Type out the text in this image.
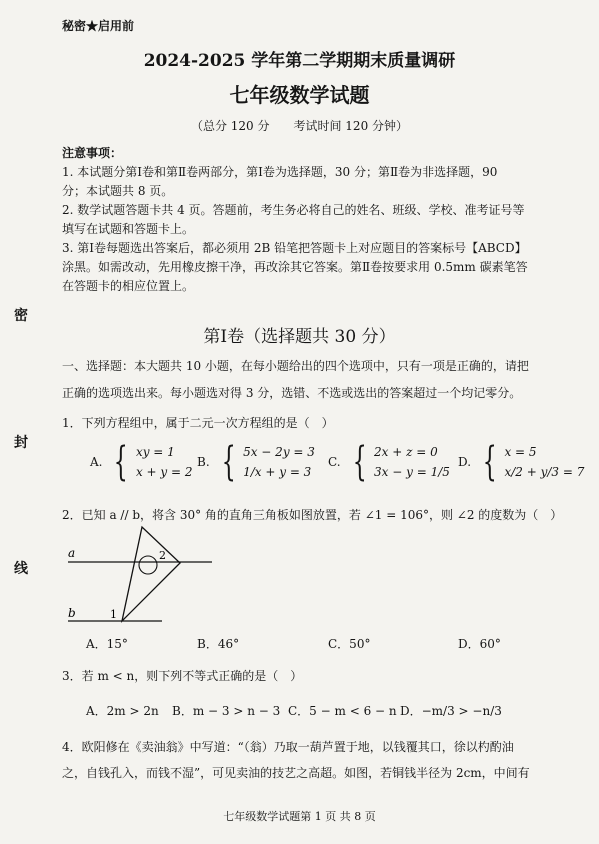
秘密★启用前
2024-2025 学年第二学期期末质量调研
七年级数学试题
（总分 120 分　　考试时间 120 分钟）
注意事项：
1. 本试题分第Ⅰ卷和第Ⅱ卷两部分，第Ⅰ卷为选择题，30 分；第Ⅱ卷为非选择题，90
分；本试题共 8 页。
2. 数学试题答题卡共 4 页。答题前，考生务必将自己的姓名、班级、学校、准考证号等
填写在试题和答题卡上。
3. 第Ⅰ卷每题选出答案后，都必须用 2B 铅笔把答题卡上对应题目的答案标号【ABCD】
涂黑。如需改动，先用橡皮擦干净，再改涂其它答案。第Ⅱ卷按要求用 0.5mm 碳素笔答
在答题卡的相应位置上。
密
封
线
第Ⅰ卷（选择题共 30 分）
一、选择题：本大题共 10 小题，在每小题给出的四个选项中，只有一项是正确的，请把
正确的选项选出来。每小题选对得 3 分，选错、不选或选出的答案超过一个均记零分。
1．下列方程组中，属于二元一次方程组的是（　）
A. { xy = 1
x + y = 2
B. { 5x − 2y = 3
1/x + y = 3
C. { 2x + z = 0
3x − y = 1/5
D. { x = 5
x/2 + y/3 = 7
2．已知 a // b，将含 30° 角的直角三角板如图放置，若 ∠1 = 106°，则 ∠2 的度数为（　）
a
b	1
2
A．15°	B．46°	C．50°	D．60°
3．若 m < n，则下列不等式正确的是（　）
A．2m > 2n B．m − 3 > n − 3 C．5 − m < 6 − n D．−m/3 > −n/3
4．欧阳修在《卖油翁》中写道：“（翁）乃取一葫芦置于地，以钱覆其口，徐以杓酌油
之，自钱孔入，而钱不湿”，可见卖油的技艺之高超。如图，若铜钱半径为 2cm，中间有
七年级数学试题第 1 页 共 8 页
